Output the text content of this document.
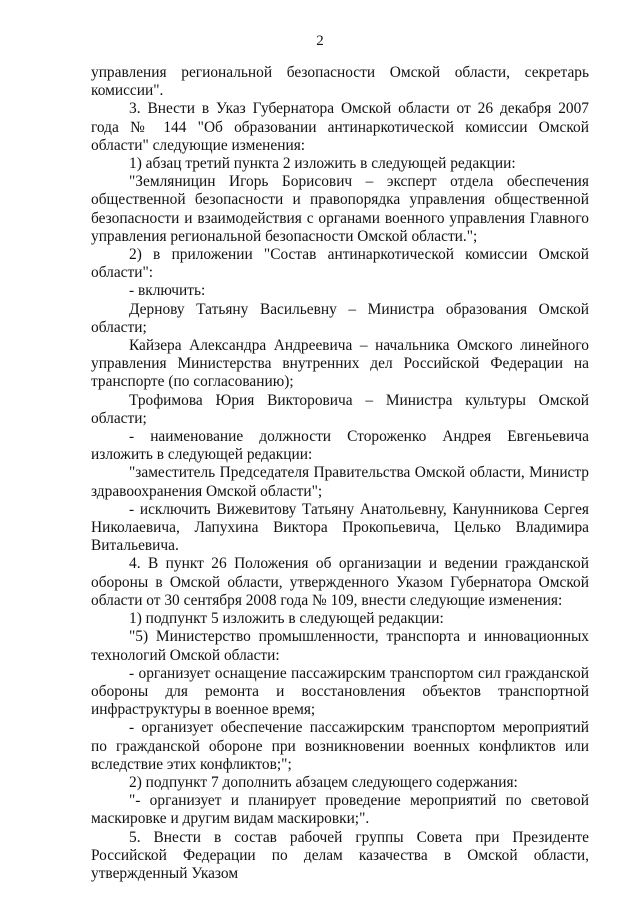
2

управления региональной безопасности Омской области, секретарь комиссии".

3. Внести в Указ Губернатора Омской области от 26 декабря 2007 года № 144 "Об образовании антинаркотической комиссии Омской области" следующие изменения:

1) абзац третий пункта 2 изложить в следующей редакции:

"Земляницин Игорь Борисович – эксперт отдела обеспечения общественной безопасности и правопорядка управления общественной безопасности и взаимодействия с органами военного управления Главного управления региональной безопасности Омской области.";

2) в приложении "Состав антинаркотической комиссии Омской области":

- включить:

Дернову Татьяну Васильевну – Министра образования Омской области;

Кайзера Александра Андреевича – начальника Омского линейного управления Министерства внутренних дел Российской Федерации на транспорте (по согласованию);

Трофимова Юрия Викторовича – Министра культуры Омской области;

- наименование должности Стороженко Андрея Евгеньевича изложить в следующей редакции:

"заместитель Председателя Правительства Омской области, Министр здравоохранения Омской области";

- исключить Вижевитову Татьяну Анатольевну, Канунникова Сергея Николаевича, Лапухина Виктора Прокопьевича, Целько Владимира Витальевича.

4. В пункт 26 Положения об организации и ведении гражданской обороны в Омской области, утвержденного Указом Губернатора Омской области от 30 сентября 2008 года № 109, внести следующие изменения:

1) подпункт 5 изложить в следующей редакции:

"5) Министерство промышленности, транспорта и инновационных технологий Омской области:

- организует оснащение пассажирским транспортом сил гражданской обороны для ремонта и восстановления объектов транспортной инфраструктуры в военное время;

- организует обеспечение пассажирским транспортом мероприятий по гражданской обороне при возникновении военных конфликтов или вследствие этих конфликтов;";

2) подпункт 7 дополнить абзацем следующего содержания:

"- организует и планирует проведение мероприятий по световой маскировке и другим видам маскировки;".

5. Внести в состав рабочей группы Совета при Президенте Российской Федерации по делам казачества в Омской области, утвержденный Указом
